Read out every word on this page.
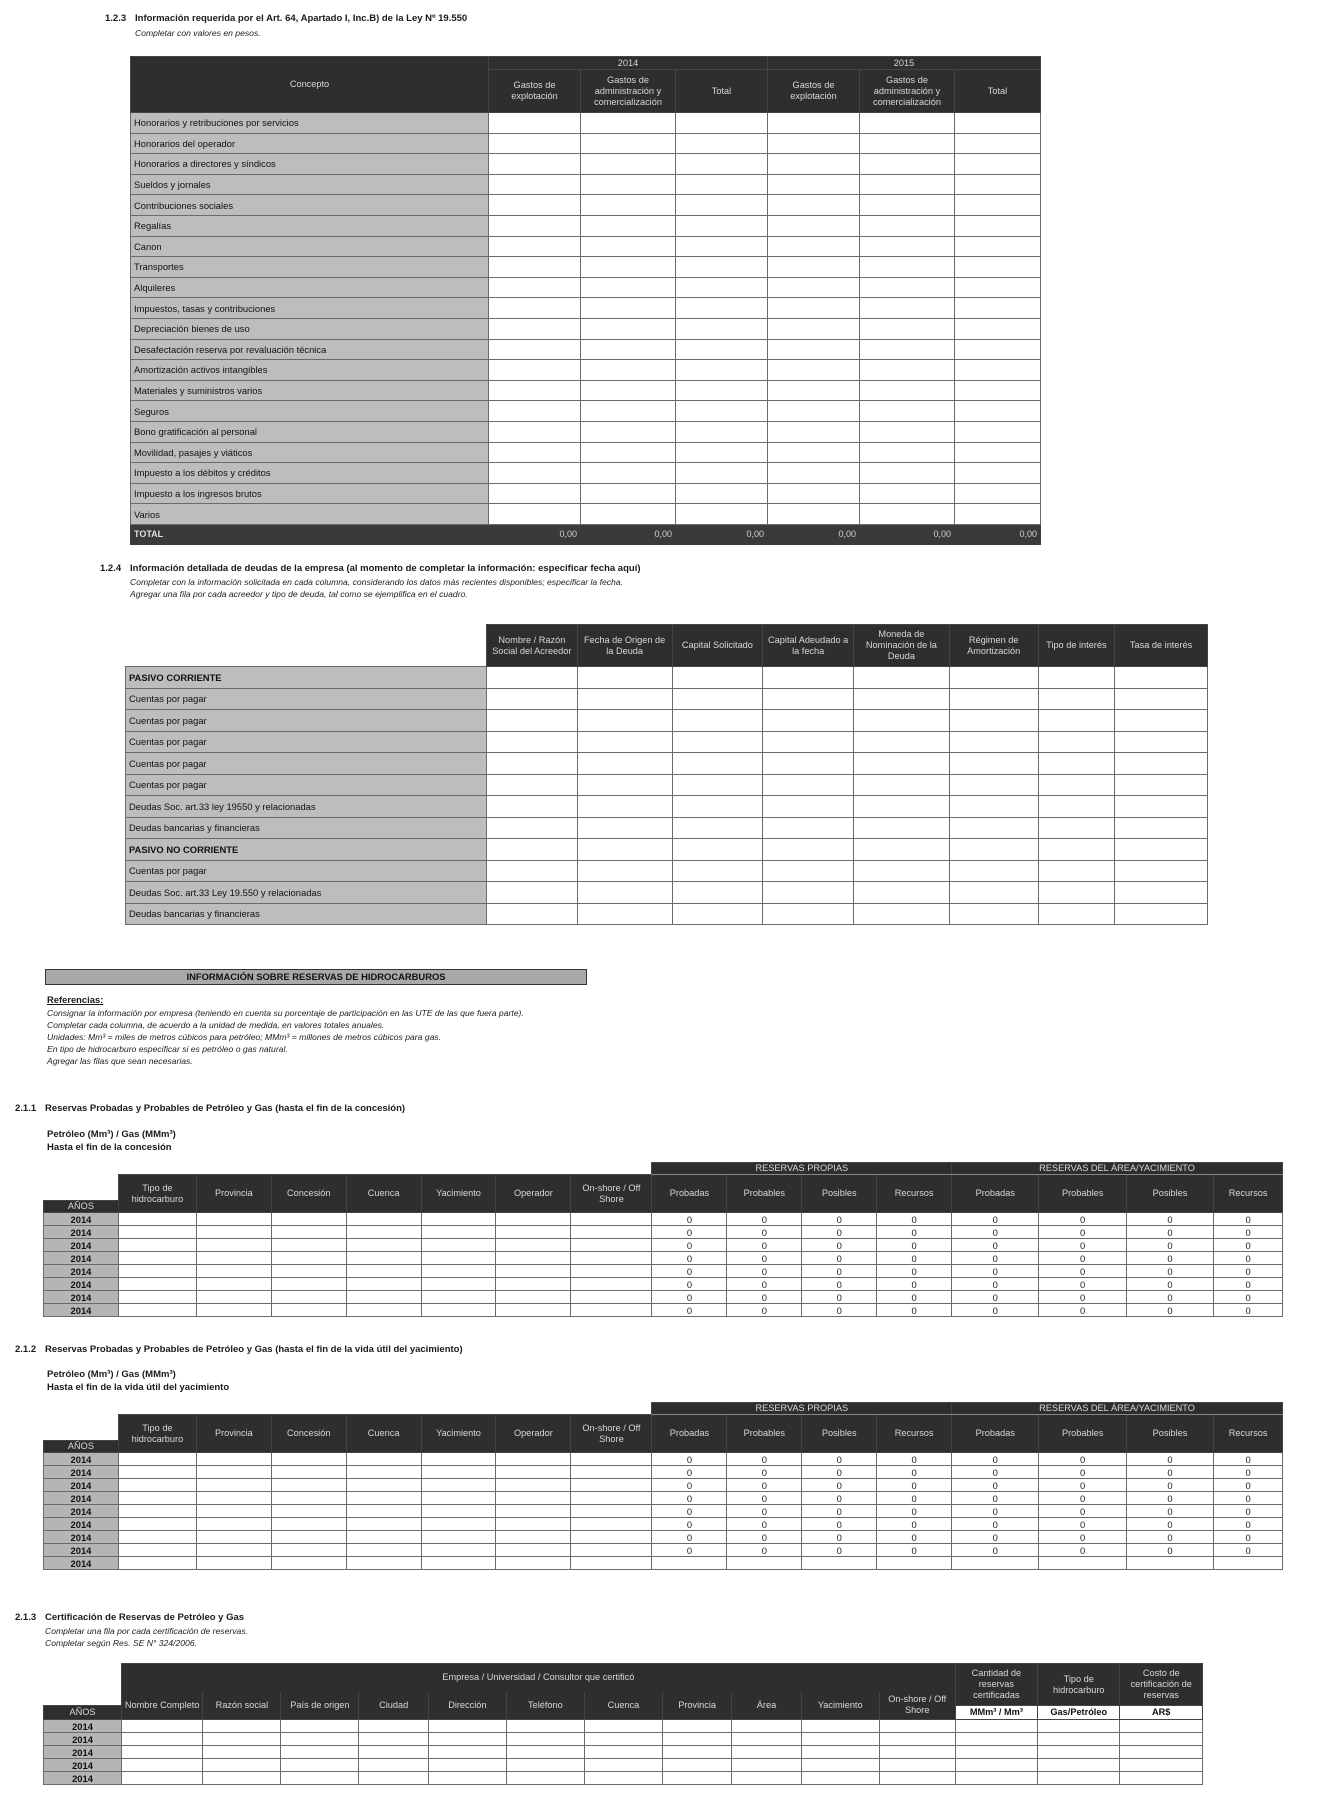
1.2.3 Información requerida por el Art. 64, Apartado I, Inc.B) de la Ley Nº 19.550
Completar con valores en pesos.
Concepto	2014			2015		
	Gastos de explotación	Gastos de administración y comercialización	Total	Gastos de explotación	Gastos de administración y comercialización	Total
Honorarios y retribuciones por servicios						
Honorarios del operador						
Honorarios a directores y síndicos						
Sueldos y jornales						
Contribuciones sociales						
Regalías						
Canon						
Transportes						
Alquileres						
Impuestos, tasas y contribuciones						
Depreciación bienes de uso						
Desafectación reserva por revaluación técnica						
Amortización activos intangibles						
Materiales y suministros varios						
Seguros						
Bono gratificación al personal						
Movilidad, pasajes y viáticos						
Impuesto a los débitos y créditos						
Impuesto a los ingresos brutos						
Varios						
TOTAL	0,00	0,00	0,00	0,00	0,00	0,00
1.2.4 Información detallada de deudas de la empresa (al momento de completar la información: especificar fecha aquí)
Completar con la información solicitada en cada columna, considerando los datos más recientes disponibles; especificar la fecha.
Agregar una fila por cada acreedor y tipo de deuda, tal como se ejemplifica en el cuadro.
	Nombre / Razón Social del Acreedor	Fecha de Origen de la Deuda	Capital Solicitado	Capital Adeudado a la fecha	Moneda de Nominación de la Deuda	Régimen de Amortización	Tipo de interés	Tasa de interés
PASIVO CORRIENTE								
Cuentas por pagar								
Cuentas por pagar								
Cuentas por pagar								
Cuentas por pagar								
Cuentas por pagar								
Deudas Soc. art.33 ley 19550 y relacionadas								
Deudas bancarias y financieras								
PASIVO NO CORRIENTE								
Cuentas por pagar								
Deudas Soc. art.33 Ley 19.550 y relacionadas								
Deudas bancarias y financieras								
INFORMACIÓN SOBRE RESERVAS DE HIDROCARBUROS
Referencias:
Consignar la información por empresa (teniendo en cuenta su porcentaje de participación en las UTE de las que fuera parte).
Completar cada columna, de acuerdo a la unidad de medida, en valores totales anuales.
Unidades: Mm³ = miles de metros cúbicos para petróleo; MMm³ = millones de metros cúbicos para gas.
En tipo de hidrocarburo especificar si es petróleo o gas natural.
Agregar las filas que sean necesarias.
2.1.1 Reservas Probadas y Probables de Petróleo y Gas (hasta el fin de la concesión)
Petróleo (Mm³) / Gas (MMm³)
Hasta el fin de la concesión
								RESERVAS PROPIAS				RESERVAS DEL ÁREA/YACIMIENTO			
	Tipo de hidrocarburo	Provincia	Concesión	Cuenca	Yacimiento	Operador	On-shore / Off Shore	Probadas	Probables	Posibles	Recursos	Probadas	Probables	Posibles	Recursos
AÑOS															
2014								0	0	0	0	0	0	0	0
2014								0	0	0	0	0	0	0	0
2014								0	0	0	0	0	0	0	0
2014								0	0	0	0	0	0	0	0
2014								0	0	0	0	0	0	0	0
2014								0	0	0	0	0	0	0	0
2014								0	0	0	0	0	0	0	0
2014								0	0	0	0	0	0	0	0
2.1.2 Reservas Probadas y Probables de Petróleo y Gas (hasta el fin de la vida útil del yacimiento)
Petróleo (Mm³) / Gas (MMm³)
Hasta el fin de la vida útil del yacimiento
								RESERVAS PROPIAS				RESERVAS DEL ÁREA/YACIMIENTO			
	Tipo de hidrocarburo	Provincia	Concesión	Cuenca	Yacimiento	Operador	On-shore / Off Shore	Probadas	Probables	Posibles	Recursos	Probadas	Probables	Posibles	Recursos
AÑOS															
2014								0	0	0	0	0	0	0	0
2014								0	0	0	0	0	0	0	0
2014								0	0	0	0	0	0	0	0
2014								0	0	0	0	0	0	0	0
2014								0	0	0	0	0	0	0	0
2014								0	0	0	0	0	0	0	0
2014								0	0	0	0	0	0	0	0
2014								0	0	0	0	0	0	0	0
2014															
2.1.3 Certificación de Reservas de Petróleo y Gas
Completar una fila por cada certificación de reservas.
Completar según Res. SE N° 324/2006.
	Empresa / Universidad / Consultor que certificó											Cantidad de reservas certificadas	Tipo de hidrocarburo	Costo de certificación de reservas
	Nombre Completo	Razón social	País de origen	Ciudad	Dirección	Teléfono	Cuenca	Provincia	Área	Yacimiento	On-shore / Off Shore			
AÑOS												MMm³ / Mm³	Gas/Petróleo	AR$
2014														
2014														
2014														
2014														
2014														
